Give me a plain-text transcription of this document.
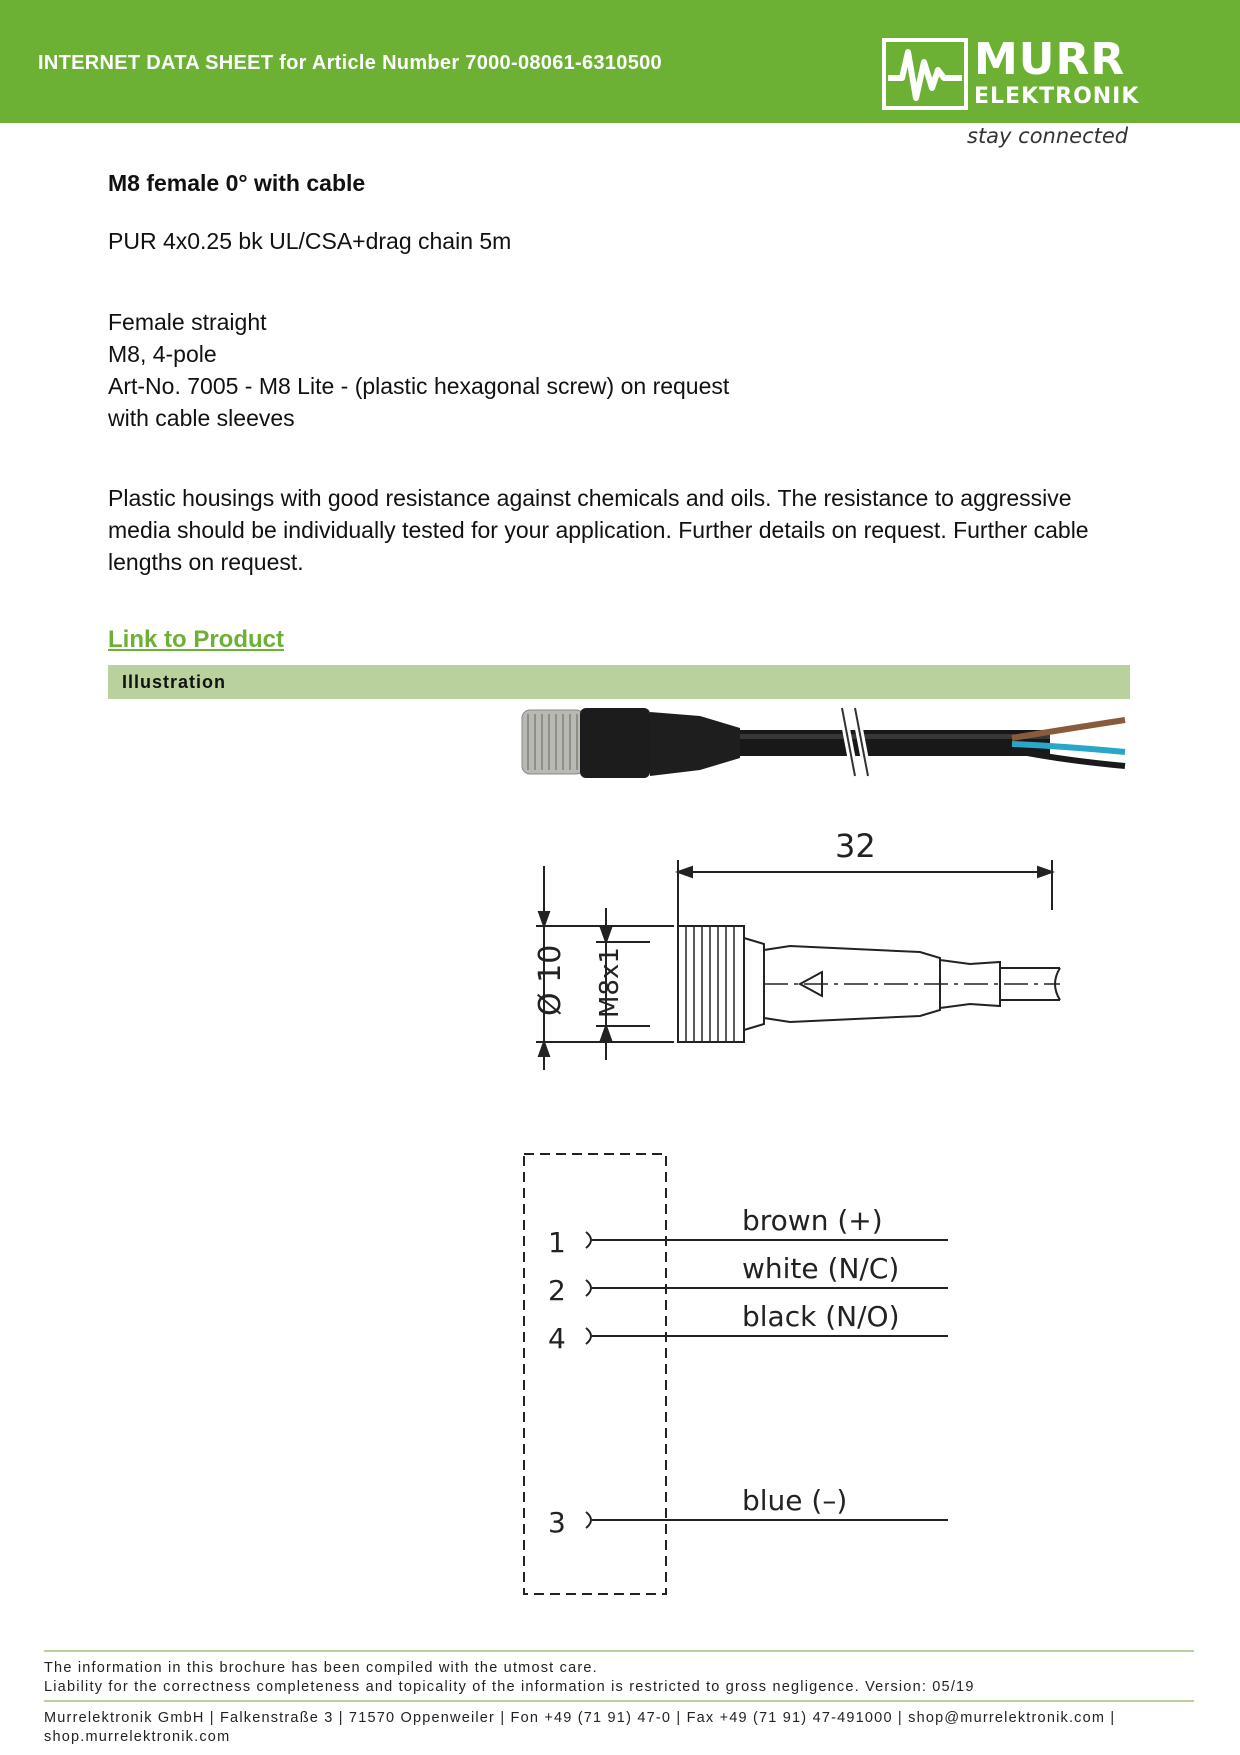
INTERNET DATA SHEET for Article Number 7000-08061-6310500	MURR
ELEKTRONIK
stay connected
M8 female 0° with cable
PUR 4x0.25 bk UL/CSA+drag chain 5m
Female straight
M8, 4-pole
Art-No. 7005 - M8 Lite - (plastic hexagonal screw) on request
with cable sleeves
Plastic housings with good resistance against chemicals and oils. The resistance to aggressive media should be individually tested for your application. Further details on request. Further cable lengths on request.
Link to Product
Illustration
32
Ø 10 M8x1
1
brown (+)
2
white (N/C)
4
black (N/O)
3
blue (–)
The information in this brochure has been compiled with the utmost care.
Liability for the correctness completeness and topicality of the information is restricted to gross negligence. Version: 05/19
Murrelektronik GmbH | Falkenstraße 3 | 71570 Oppenweiler | Fon +49 (71 91) 47-0 | Fax +49 (71 91) 47-491000 | shop@murrelektronik.com |
shop.murrelektronik.com
